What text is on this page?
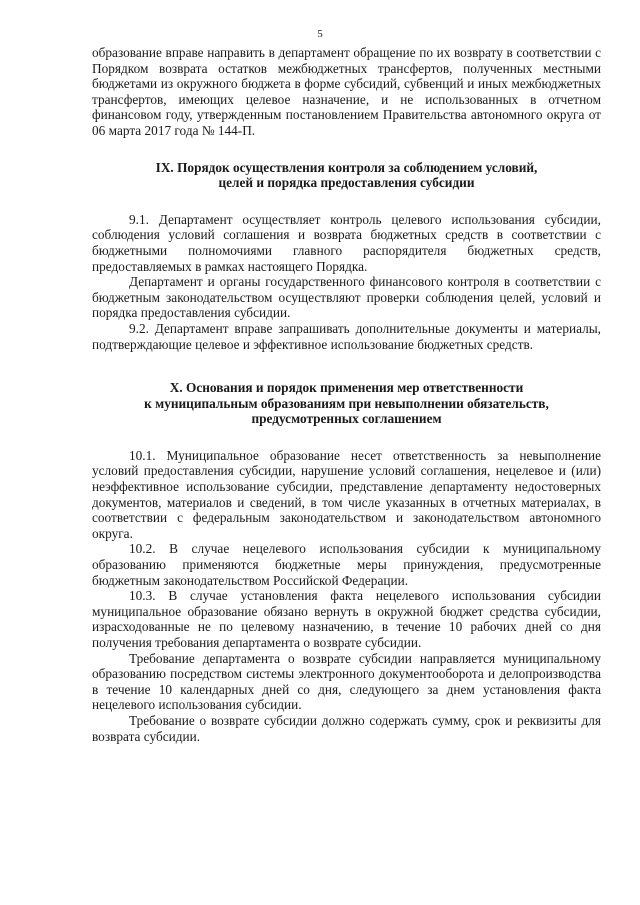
5

образование вправе направить в департамент обращение по их возврату в соответствии с Порядком возврата остатков межбюджетных трансфертов, полученных местными бюджетами из окружного бюджета в форме субсидий, субвенций и иных межбюджетных трансфертов, имеющих целевое назначение, и не использованных в отчетном финансовом году, утвержденным постановлением Правительства автономного округа от 06 марта 2017 года № 144-П.

IX. Порядок осуществления контроля за соблюдением условий,
целей и порядка предоставления субсидии

9.1. Департамент осуществляет контроль целевого использования субсидии, соблюдения условий соглашения и возврата бюджетных средств в соответствии с бюджетными полномочиями главного распорядителя бюджетных средств, предоставляемых в рамках настоящего Порядка.

Департамент и органы государственного финансового контроля в соответствии с бюджетным законодательством осуществляют проверки соблюдения целей, условий и порядка предоставления субсидии.

9.2. Департамент вправе запрашивать дополнительные документы и материалы, подтверждающие целевое и эффективное использование бюджетных средств.

X. Основания и порядок применения мер ответственности
к муниципальным образованиям при невыполнении обязательств,
предусмотренных соглашением

10.1. Муниципальное образование несет ответственность за невыполнение условий предоставления субсидии, нарушение условий соглашения, нецелевое и (или) неэффективное использование субсидии, представление департаменту недостоверных документов, материалов и сведений, в том числе указанных в отчетных материалах, в соответствии с федеральным законодательством и законодательством автономного округа.

10.2. В случае нецелевого использования субсидии к муниципальному образованию применяются бюджетные меры принуждения, предусмотренные бюджетным законодательством Российской Федерации.

10.3. В случае установления факта нецелевого использования субсидии муниципальное образование обязано вернуть в окружной бюджет средства субсидии, израсходованные не по целевому назначению, в течение 10 рабочих дней со дня получения требования департамента о возврате субсидии.

Требование департамента о возврате субсидии направляется муниципальному образованию посредством системы электронного документооборота и делопроизводства в течение 10 календарных дней со дня, следующего за днем установления факта нецелевого использования субсидии.

Требование о возврате субсидии должно содержать сумму, срок и реквизиты для возврата субсидии.
